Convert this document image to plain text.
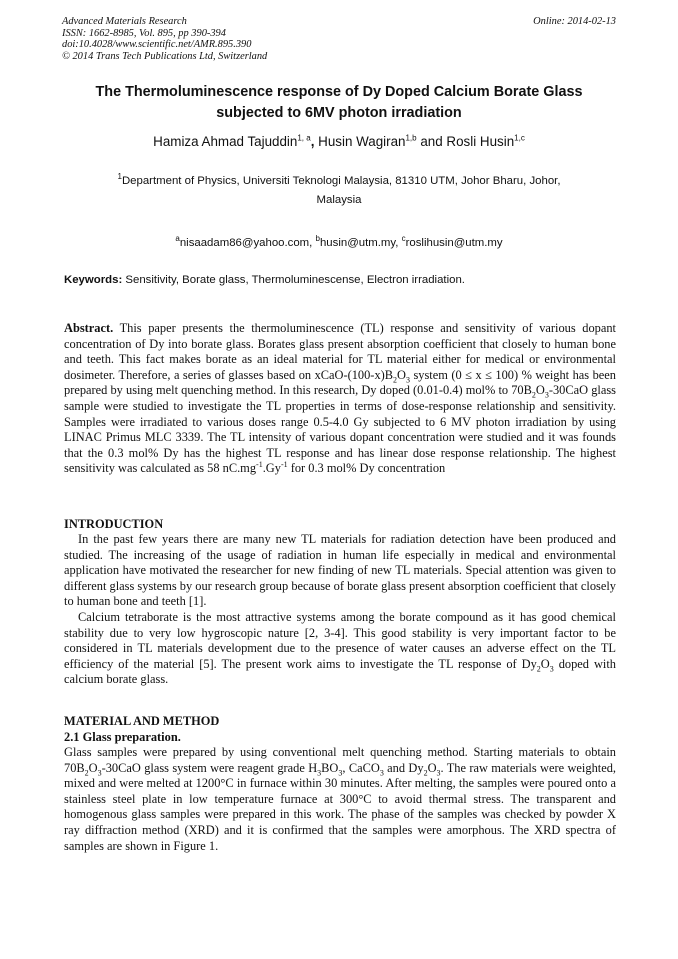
Advanced Materials Research
ISSN: 1662-8985, Vol. 895, pp 390-394
doi:10.4028/www.scientific.net/AMR.895.390
© 2014 Trans Tech Publications Ltd, Switzerland
Online: 2014-02-13
The Thermoluminescence response of Dy Doped Calcium Borate Glass
subjected to 6MV photon irradiation
Hamiza Ahmad Tajuddin$^{1, a}$, Husin Wagiran$^{1,b}$ and Rosli Husin$^{1,c}$
$^1$Department of Physics, Universiti Teknologi Malaysia, 81310 UTM, Johor Bharu, Johor, Malaysia
$^a$nisaadam86@yahoo.com, $^b$husin@utm.my, $^c$roslihusin@utm.my
Keywords: Sensitivity, Borate glass, Thermoluminescense, Electron irradiation.

Abstract. This paper presents the thermoluminescence (TL) response and sensitivity of various dopant concentration of Dy into borate glass. Borates glass present absorption coefficient that closely to human bone and teeth. This fact makes borate as an ideal material for TL material either for medical or environmental dosimeter. Therefore, a series of glasses based on xCaO-$(100-x)B_2O_3$ system (0 ≤ x ≤ 100) % weight has been prepared by using melt quenching method. In this research, Dy doped (0.01-0.4) mol% to $70B_2O_3-30CaO$ glass sample were studied to investigate the TL properties in terms of dose-response relationship and sensitivity. Samples were irradiated to various doses range 0.5-4.0 Gy subjected to 6 MV photon irradiation by using LINAC Primus MLC 3339. The TL intensity of various dopant concentration were studied and it was founds that the 0.3 mol% Dy has the highest TL response and has linear dose response relationship. The highest sensitivity was calculated as 58 $nC.mg^{-1}.Gy^{-1}$ for 0.3 mol% Dy concentration

INTRODUCTION

In the past few years there are many new TL materials for radiation detection have been produced and studied. The increasing of the usage of radiation in human life especially in medical and environmental application have motivated the researcher for new finding of new TL materials. Special attention was given to different glass systems by our research group because of borate glass present absorption coefficient that closely to human bone and teeth [1].

Calcium tetraborate is the most attractive systems among the borate compound as it has good chemical stability due to very low hygroscopic nature [2, 3-4]. This good stability is very important factor to be considered in TL materials development due to the presence of water causes an adverse effect on the TL efficiency of the material [5]. The present work aims to investigate the TL response of $Dy_2O_3$ doped with calcium borate glass.

MATERIAL AND METHOD
2.1 Glass preparation.

Glass samples were prepared by using conventional melt quenching method. Starting materials to obtain $70B_2O_3-30CaO$ glass system were reagent grade $H_3BO_3$, CaCO$_3$ and $Dy_2O_3$. The raw materials were weighted, mixed and were melted at 1200°C in furnace within 30 minutes. After melting, the samples were poured onto a stainless steel plate in low temperature furnace at 300°C to avoid thermal stress. The transparent and homogenous glass samples were prepared in this work. The phase of the samples was checked by powder X ray diffraction method (XRD) and it is confirmed that the samples were amorphous. The XRD spectra of samples are shown in Figure 1.
